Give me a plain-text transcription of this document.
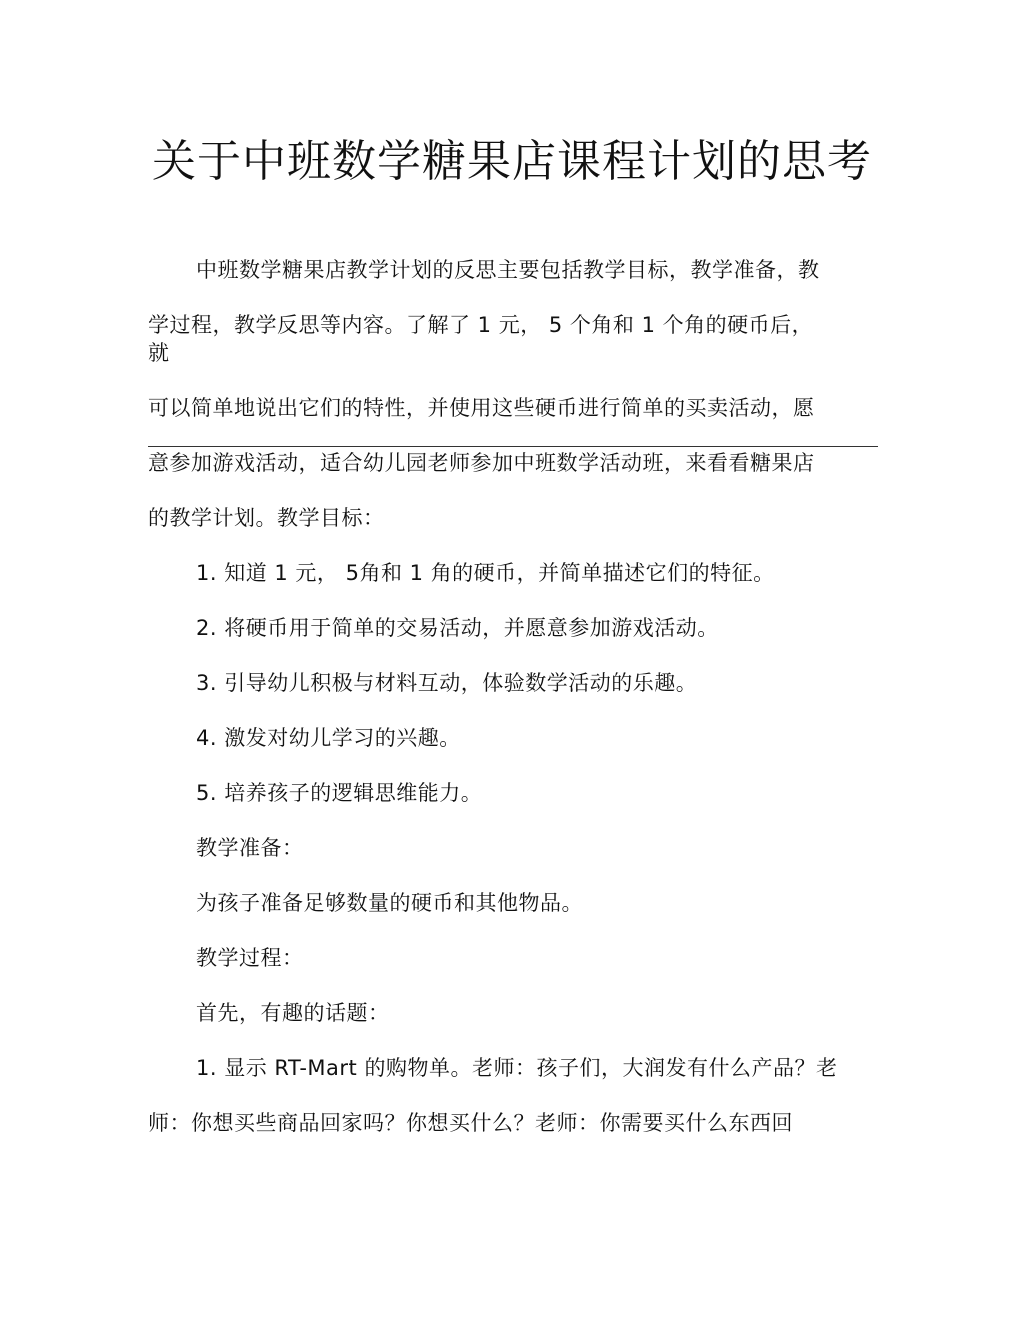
关于中班数学糖果店课程计划的思考
中班数学糖果店教学计划的反思主要包括教学目标，教学准备，教
学过程，教学反思等内容。了解了 1 元， 5 个角和 1 个角的硬币后，
就
可以简单地说出它们的特性，并使用这些硬币进行简单的买卖活动，愿
意参加游戏活动，适合幼儿园老师参加中班数学活动班，来看看糖果店
的教学计划。教学目标：
1. 知道 1 元， 5角和 1 角的硬币，并简单描述它们的特征。
2. 将硬币用于简单的交易活动，并愿意参加游戏活动。
3. 引导幼儿积极与材料互动，体验数学活动的乐趣。
4. 激发对幼儿学习的兴趣。
5. 培养孩子的逻辑思维能力。
教学准备：
为孩子准备足够数量的硬币和其他物品。
教学过程：
首先，有趣的话题：
1. 显示 RT-Mart 的购物单。老师：孩子们，大润发有什么产品？老
师：你想买些商品回家吗？你想买什么？老师：你需要买什么东西回
